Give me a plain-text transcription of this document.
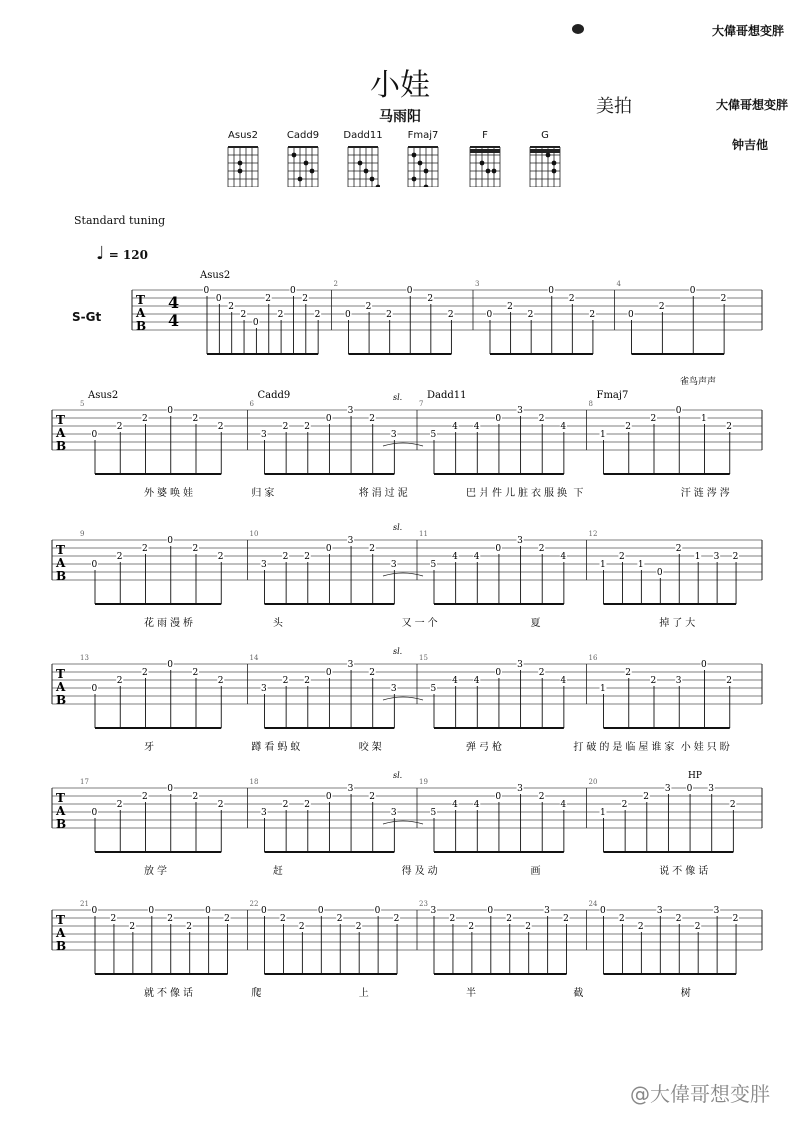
小娃
马雨阳
大偉哥想变胖
美拍	大偉哥想变胖
钟吉他
Asus2	Cadd9	Dadd11	Fmaj7	F	G
Standard tuning
♩ = 120
S-Gt
T
A
B
4
4
Asus2
0
0
2
2
0
2
2
0
2
2
2
0
2
2
0
2
2
3
0
2
2
0
2
2
4
0
2
0
2
雀鸟声声
T
A
B
5
Asus2
0
2
2
0
2
2
6
Cadd9
3
2 2
0
3
2
3
7
Dadd11
5
4 4
0
3
2
4
8
Fmaj7
1
2
2
0
1
2
sl.
外婆唤娃	归家	将涓过泥	巴爿件儿脏衣服换 下	汗涟涔涔
T
A
B
9
0
2
2
0
2
2
10
3
2 2
0
3
2
3
11
5
4 4
0
3
2
4
12
1
2
1
0
2
1 3 2
sl.
花雨漫桥	头	又一个	夏	掉了大
T
A
B
13
0
2
2
0
2
2
14
3
2 2
0
3
2
3
15
5
4 4
0
3
2
4
16
1
2
2 3
0
2
sl.
牙	蹲看蚂蚁	咬架	弹弓枪	打破的是临屋谁家 小娃只盼
T
A
B
17
0
2
2
0
2
2
18
3
2 2
0
3
2
3
19
5
4 4
0
3
2
4
20
1
2
2
3 0 3
2
sl.	HP
放学	赶	得及动	画	说不像话
T
A
B
21
0
2
2
0
2
2
0
2
22
0
2
2
0
2
2
0
2
23
3
2
2
0
2
2
3
2
24
0
2
2
3
2
2
3
2
就不像话	爬	上	半	截	树
@大偉哥想变胖
